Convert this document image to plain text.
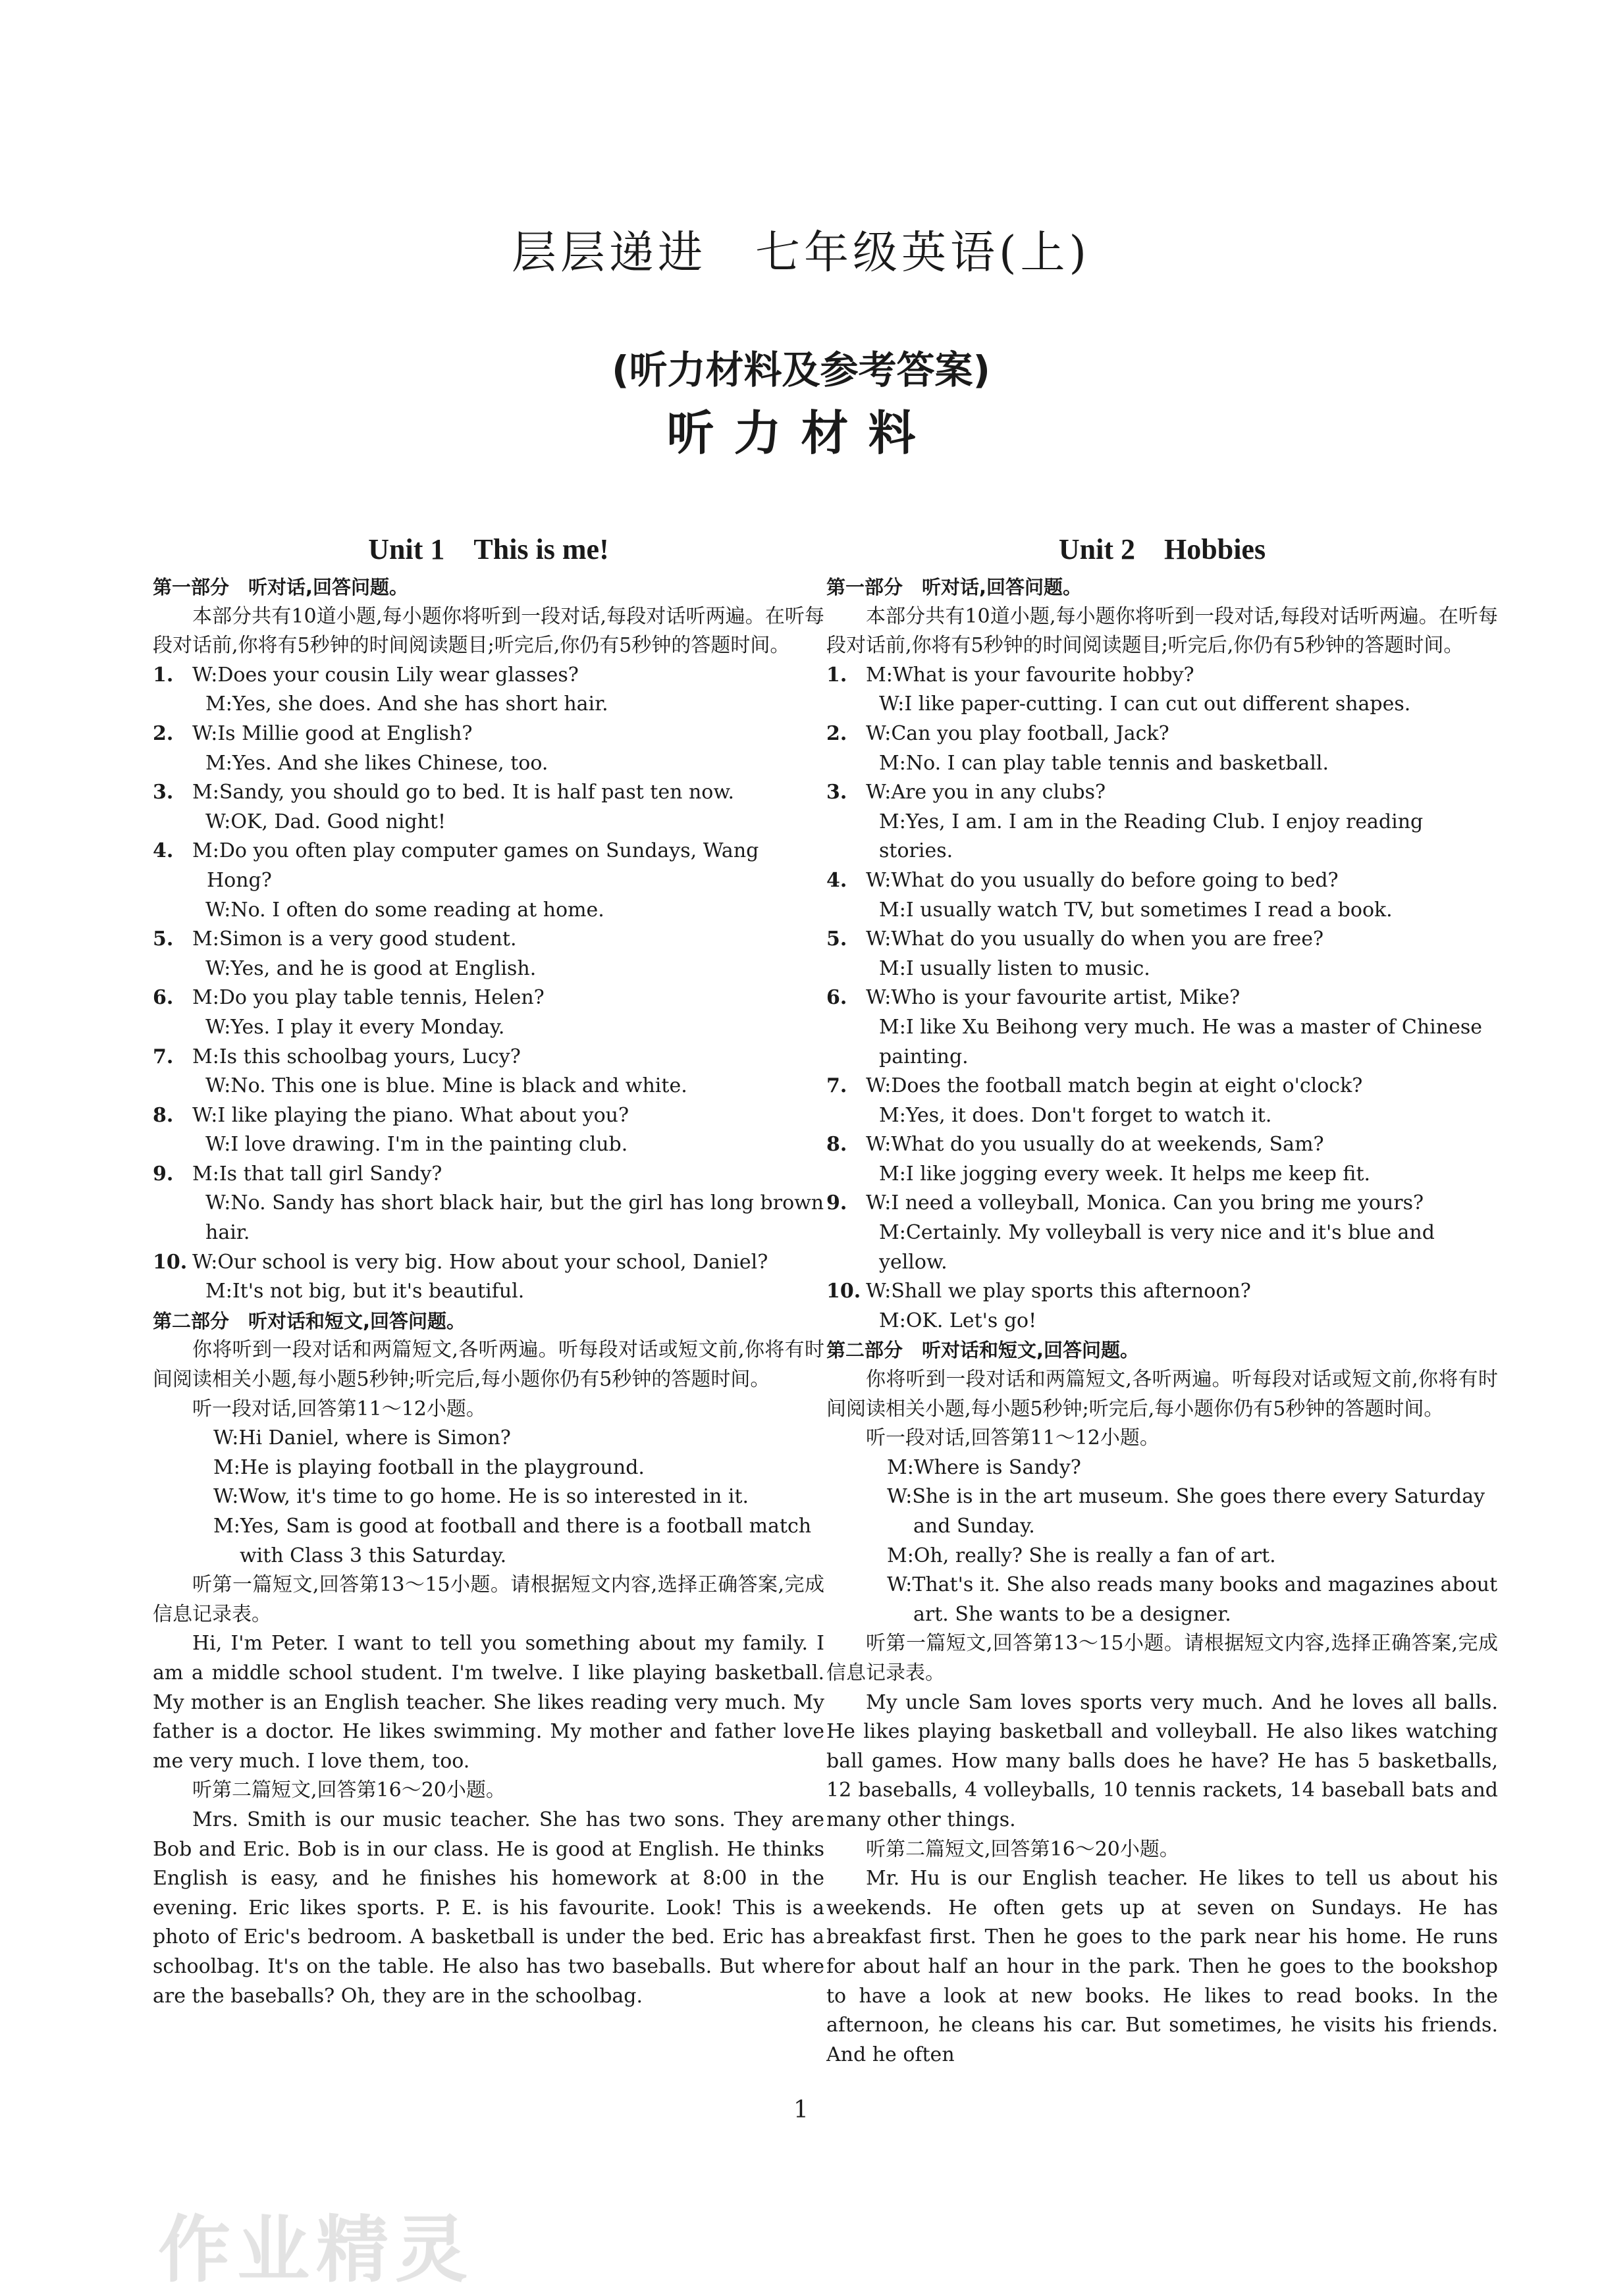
层层递进　七年级英语(上)
(听力材料及参考答案)
听力材料
Unit 1　This is me!
第一部分　听对话,回答问题。
本部分共有10道小题,每小题你将听到一段对话,每段对话听两遍。在听每段对话前,你将有5秒钟的时间阅读题目;听完后,你仍有5秒钟的答题时间。
1. W:Does your cousin Lily wear glasses?
M:Yes, she does. And she has short hair.
2. W:Is Millie good at English?
M:Yes. And she likes Chinese, too.
3. M:Sandy, you should go to bed. It is half past ten now.
W:OK, Dad. Good night!
4. M:Do you often play computer games on Sundays, Wang Hong?
W:No. I often do some reading at home.
5. M:Simon is a very good student.
W:Yes, and he is good at English.
6. M:Do you play table tennis, Helen?
W:Yes. I play it every Monday.
7. M:Is this schoolbag yours, Lucy?
W:No. This one is blue. Mine is black and white.
8. W:I like playing the piano. What about you?
W:I love drawing. I'm in the painting club.
9. M:Is that tall girl Sandy?
W:No. Sandy has short black hair, but the girl has long brown hair.
10. W:Our school is very big. How about your school, Daniel?
M:It's not big, but it's beautiful.
第二部分　听对话和短文,回答问题。
你将听到一段对话和两篇短文,各听两遍。听每段对话或短文前,你将有时间阅读相关小题,每小题5秒钟;听完后,每小题你仍有5秒钟的答题时间。
听一段对话,回答第11～12小题。
W:Hi Daniel, where is Simon?
M:He is playing football in the playground.
W:Wow, it's time to go home. He is so interested in it.
M:Yes, Sam is good at football and there is a football match with Class 3 this Saturday.
听第一篇短文,回答第13～15小题。请根据短文内容,选择正确答案,完成信息记录表。
Hi, I'm Peter. I want to tell you something about my family. I am a middle school student. I'm twelve. I like playing basketball. My mother is an English teacher. She likes reading very much. My father is a doctor. He likes swimming. My mother and father love me very much. I love them, too.
听第二篇短文,回答第16～20小题。
Mrs. Smith is our music teacher. She has two sons. They are Bob and Eric. Bob is in our class. He is good at English. He thinks English is easy, and he finishes his homework at 8:00 in the evening. Eric likes sports. P. E. is his favourite. Look! This is a photo of Eric's bedroom. A basketball is under the bed. Eric has a schoolbag. It's on the table. He also has two baseballs. But where are the baseballs? Oh, they are in the schoolbag.
Unit 2　Hobbies
第一部分　听对话,回答问题。
本部分共有10道小题,每小题你将听到一段对话,每段对话听两遍。在听每段对话前,你将有5秒钟的时间阅读题目;听完后,你仍有5秒钟的答题时间。
1. M:What is your favourite hobby?
W:I like paper-cutting. I can cut out different shapes.
2. W:Can you play football, Jack?
M:No. I can play table tennis and basketball.
3. W:Are you in any clubs?
M:Yes, I am. I am in the Reading Club. I enjoy reading stories.
4. W:What do you usually do before going to bed?
M:I usually watch TV, but sometimes I read a book.
5. W:What do you usually do when you are free?
M:I usually listen to music.
6. W:Who is your favourite artist, Mike?
M:I like Xu Beihong very much. He was a master of Chinese painting.
7. W:Does the football match begin at eight o'clock?
M:Yes, it does. Don't forget to watch it.
8. W:What do you usually do at weekends, Sam?
M:I like jogging every week. It helps me keep fit.
9. W:I need a volleyball, Monica. Can you bring me yours?
M:Certainly. My volleyball is very nice and it's blue and yellow.
10. W:Shall we play sports this afternoon?
M:OK. Let's go!
第二部分　听对话和短文,回答问题。
你将听到一段对话和两篇短文,各听两遍。听每段对话或短文前,你将有时间阅读相关小题,每小题5秒钟;听完后,每小题你仍有5秒钟的答题时间。
听一段对话,回答第11～12小题。
M:Where is Sandy?
W:She is in the art museum. She goes there every Saturday and Sunday.
M:Oh, really? She is really a fan of art.
W:That's it. She also reads many books and magazines about art. She wants to be a designer.
听第一篇短文,回答第13～15小题。请根据短文内容,选择正确答案,完成信息记录表。
My uncle Sam loves sports very much. And he loves all balls. He likes playing basketball and volleyball. He also likes watching ball games. How many balls does he have? He has 5 basketballs, 12 baseballs, 4 volleyballs, 10 tennis rackets, 14 baseball bats and many other things.
听第二篇短文,回答第16～20小题。
Mr. Hu is our English teacher. He likes to tell us about his weekends. He often gets up at seven on Sundays. He has breakfast first. Then he goes to the park near his home. He runs for about half an hour in the park. Then he goes to the bookshop to have a look at new books. He likes to read books. In the afternoon, he cleans his car. But sometimes, he visits his friends. And he often
1
作业精灵
